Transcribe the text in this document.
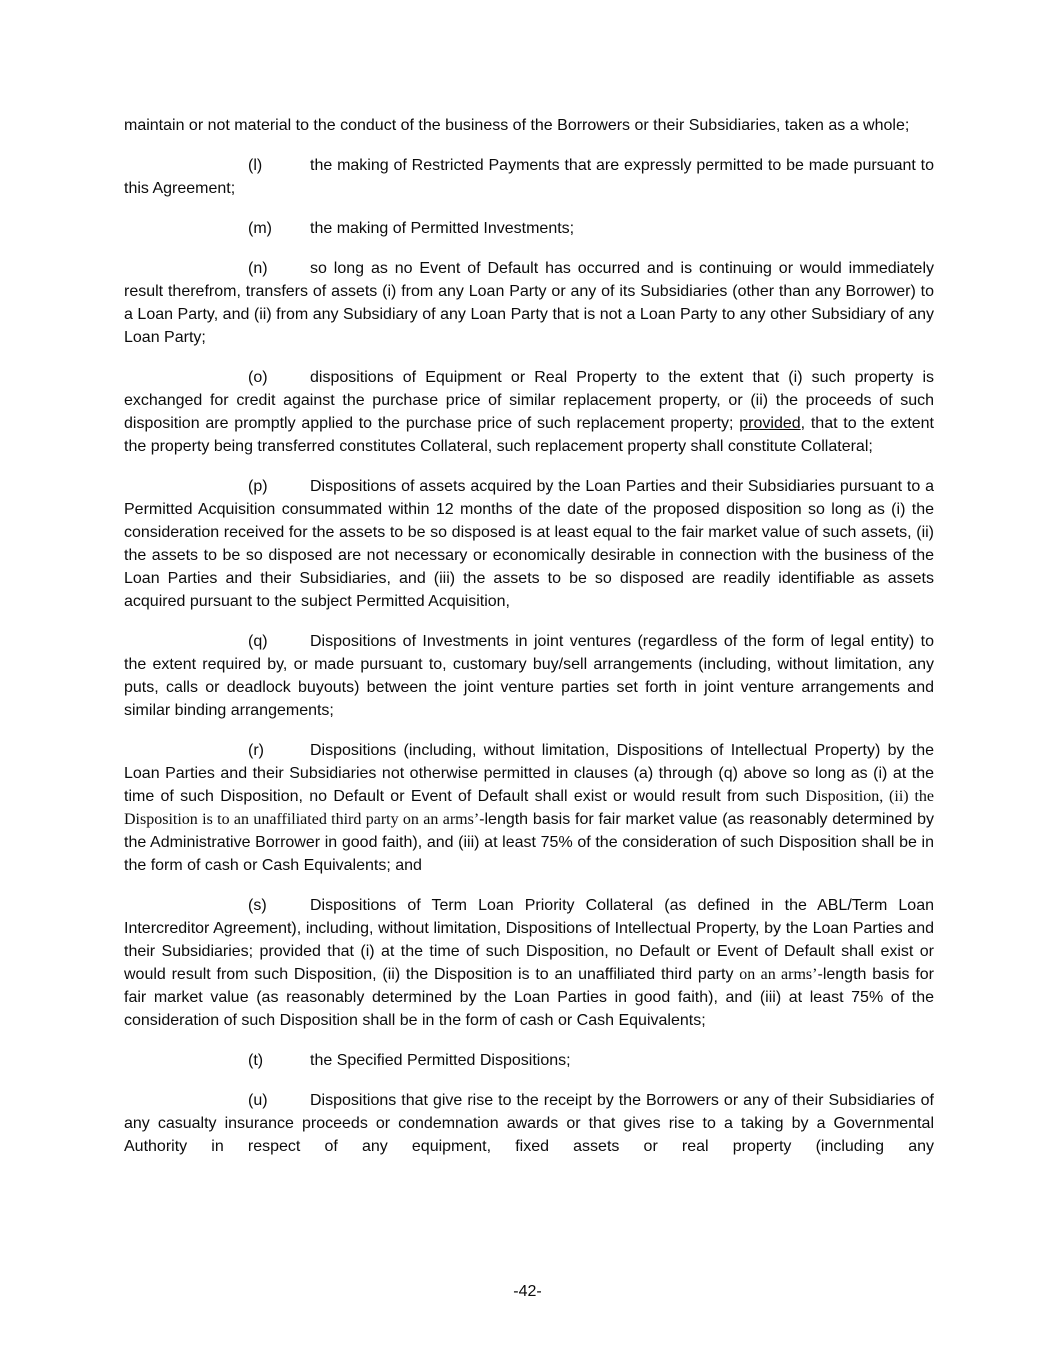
maintain or not material to the conduct of the business of the Borrowers or their Subsidiaries, taken as a whole;

(l)	the making of Restricted Payments that are expressly permitted to be made pursuant to this Agreement;

(m) the making of Permitted Investments;

(n)	so long as no Event of Default has occurred and is continuing or would immediately result therefrom, transfers of assets (i) from any Loan Party or any of its Subsidiaries (other than any Borrower) to a Loan Party, and (ii) from any Subsidiary of any Loan Party that is not a Loan Party to any other Subsidiary of any Loan Party;

(o)	dispositions of Equipment or Real Property to the extent that (i) such property is exchanged for credit against the purchase price of similar replacement property, or (ii) the proceeds of such disposition are promptly applied to the purchase price of such replacement property; provided, that to the extent the property being transferred constitutes Collateral, such replacement property shall constitute Collateral;

(p)	Dispositions of assets acquired by the Loan Parties and their Subsidiaries pursuant to a Permitted Acquisition consummated within 12 months of the date of the proposed disposition so long as (i) the consideration received for the assets to be so disposed is at least equal to the fair market value of such assets, (ii) the assets to be so disposed are not necessary or economically desirable in connection with the business of the Loan Parties and their Subsidiaries, and (iii) the assets to be so disposed are readily identifiable as assets acquired pursuant to the subject Permitted Acquisition,

(q)	Dispositions of Investments in joint ventures (regardless of the form of legal entity) to the extent required by, or made pursuant to, customary buy/sell arrangements (including, without limitation, any puts, calls or deadlock buyouts) between the joint venture parties set forth in joint venture arrangements and similar binding arrangements;

(r)	Dispositions (including, without limitation, Dispositions of Intellectual Property) by the Loan Parties and their Subsidiaries not otherwise permitted in clauses (a) through (q) above so long as (i) at the time of such Disposition, no Default or Event of Default shall exist or would result from such Disposition, (ii) the Disposition is to an unaffiliated third party on an arms’-length basis for fair market value (as reasonably determined by the Administrative Borrower in good faith), and (iii) at least 75% of the consideration of such Disposition shall be in the form of cash or Cash Equivalents; and

(s)	Dispositions of Term Loan Priority Collateral (as defined in the ABL/Term Loan Intercreditor Agreement), including, without limitation, Dispositions of Intellectual Property, by the Loan Parties and their Subsidiaries; provided that (i) at the time of such Disposition, no Default or Event of Default shall exist or would result from such Disposition, (ii) the Disposition is to an unaffiliated third party on an arms’-length basis for fair market value (as reasonably determined by the Loan Parties in good faith), and (iii) at least 75% of the consideration of such Disposition shall be in the form of cash or Cash Equivalents;

(t)	the Specified Permitted Dispositions;

(u)	Dispositions that give rise to the receipt by the Borrowers or any of their Subsidiaries of any casualty insurance proceeds or condemnation awards or that gives rise to a taking by a Governmental Authority in respect of any equipment, fixed assets or real property (including any

-42-
